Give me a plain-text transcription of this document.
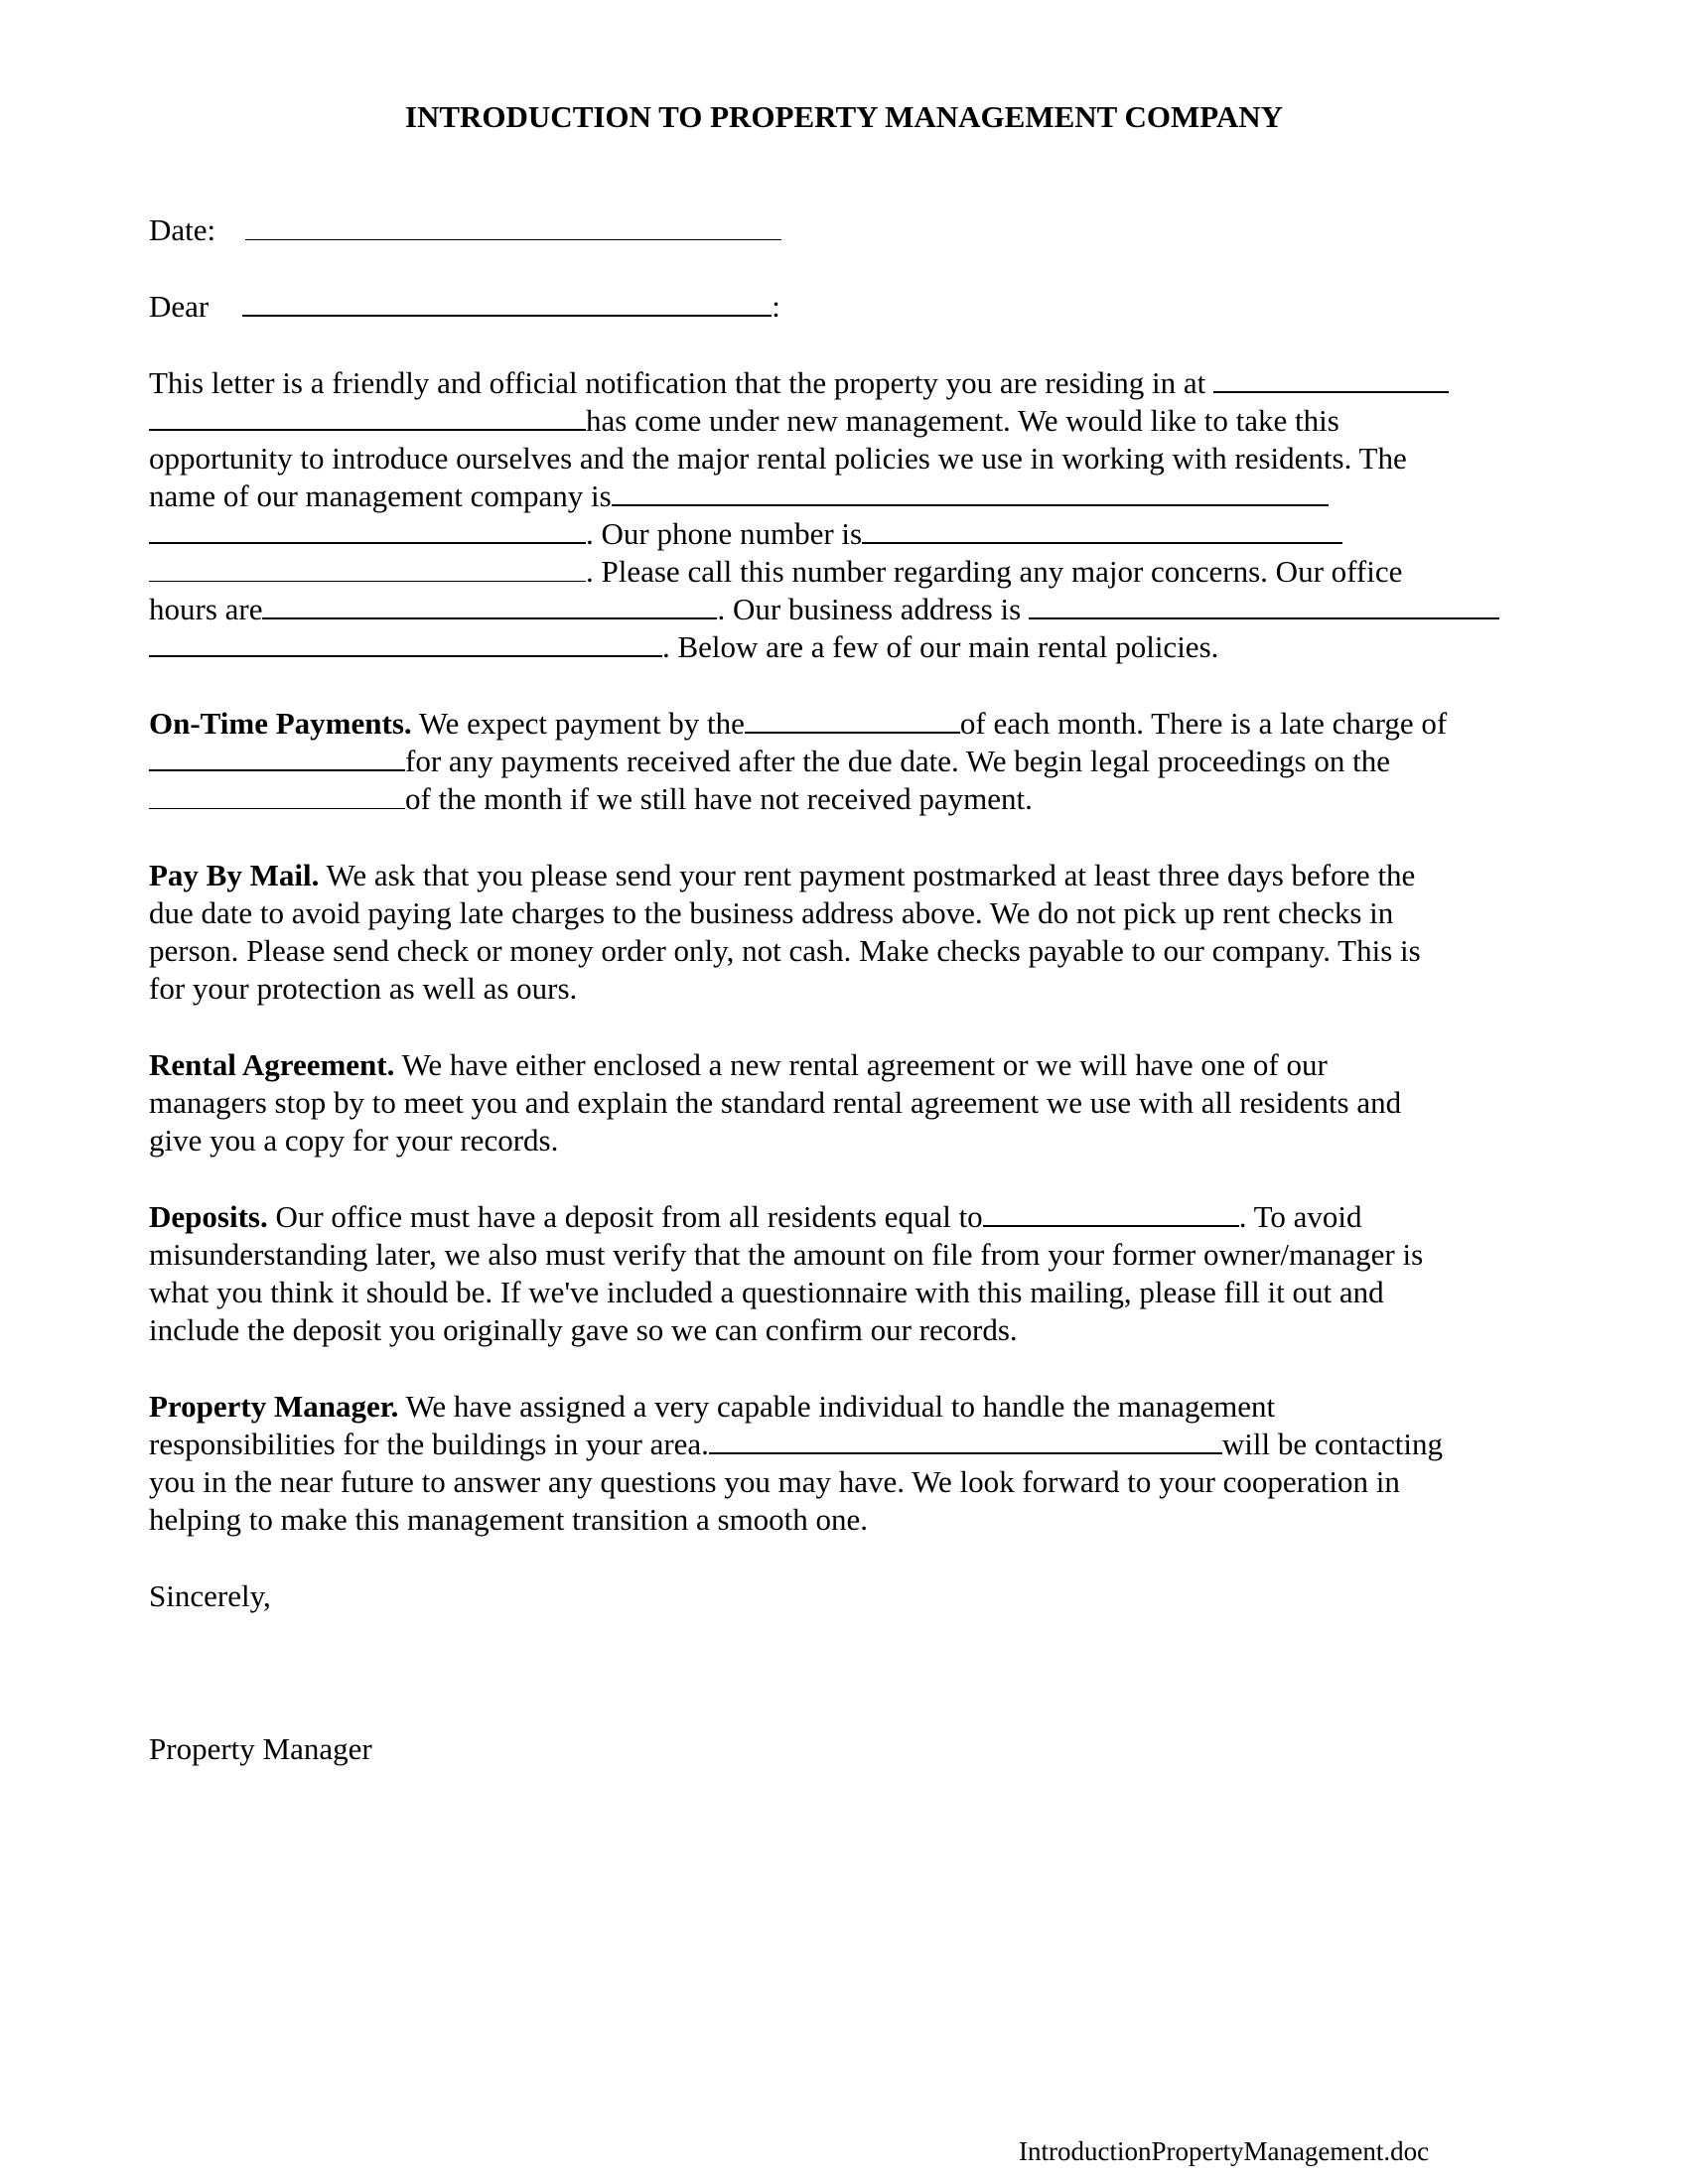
INTRODUCTION TO PROPERTY MANAGEMENT COMPANY
Date:
Dear	:
This letter is a friendly and official notification that the property you are residing in at
has come under new management. We would like to take this
opportunity to introduce ourselves and the major rental policies we use in working with residents. The
name of our management company is
. Our phone number is
. Please call this number regarding any major concerns. Our office
hours are	. Our business address is
. Below are a few of our main rental policies.
On-Time Payments. We expect payment by the	of each month. There is a late charge of
for any payments received after the due date. We begin legal proceedings on the
of the month if we still have not received payment.
Pay By Mail. We ask that you please send your rent payment postmarked at least three days before the
due date to avoid paying late charges to the business address above. We do not pick up rent checks in
person. Please send check or money order only, not cash. Make checks payable to our company. This is
for your protection as well as ours.
Rental Agreement. We have either enclosed a new rental agreement or we will have one of our
managers stop by to meet you and explain the standard rental agreement we use with all residents and
give you a copy for your records.
Deposits. Our office must have a deposit from all residents equal to	. To avoid
misunderstanding later, we also must verify that the amount on file from your former owner/manager is
what you think it should be. If we've included a questionnaire with this mailing, please fill it out and
include the deposit you originally gave so we can confirm our records.
Property Manager. We have assigned a very capable individual to handle the management
responsibilities for the buildings in your area.	will be contacting
you in the near future to answer any questions you may have. We look forward to your cooperation in
helping to make this management transition a smooth one.
Sincerely,
Property Manager
IntroductionPropertyManagement.doc
